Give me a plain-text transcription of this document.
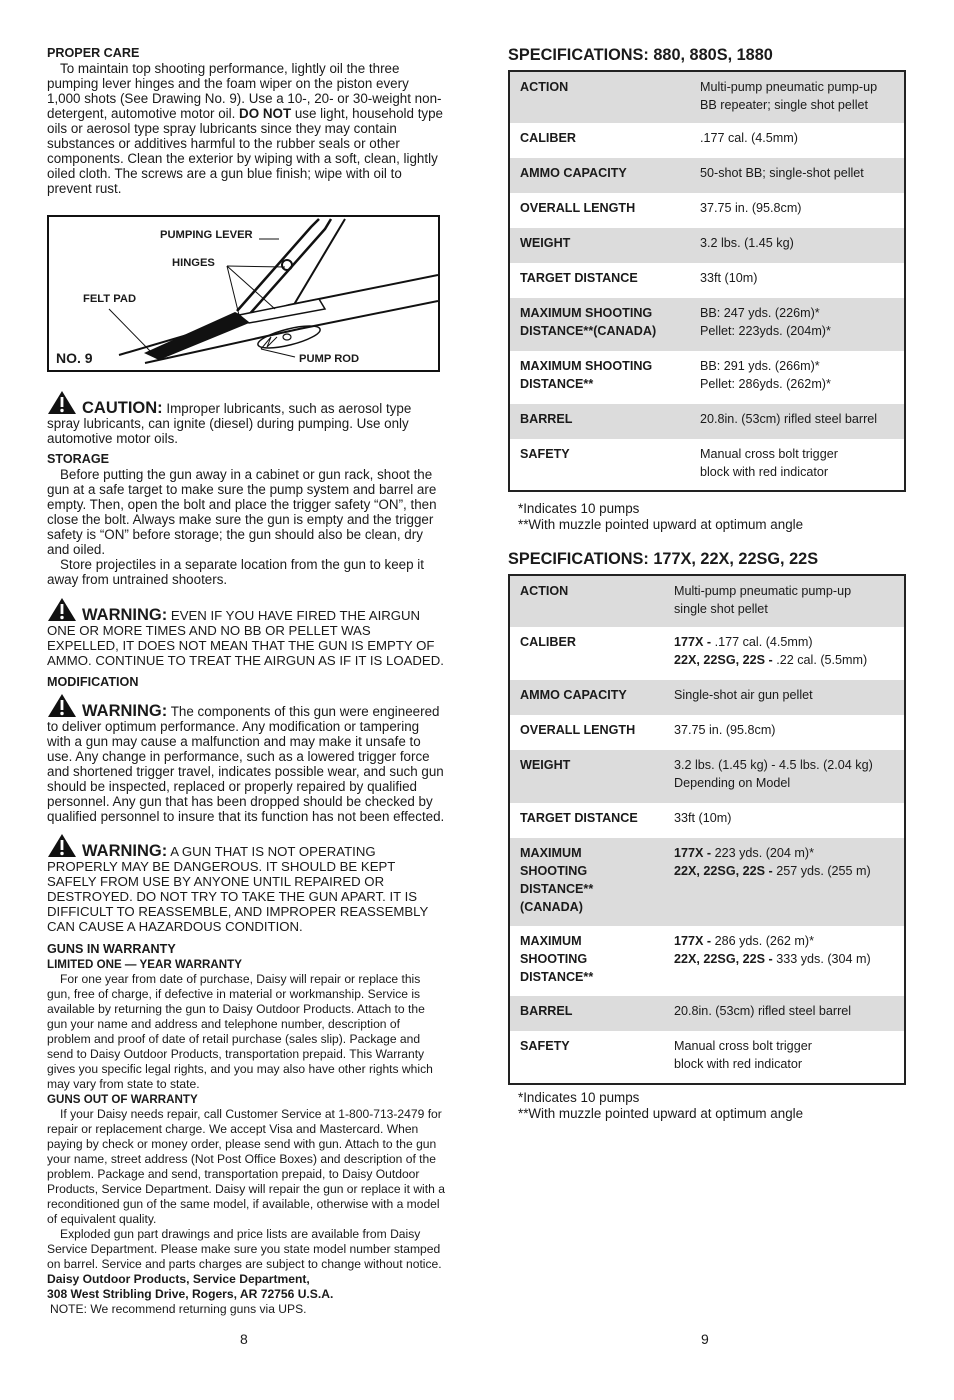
PROPER CARE

To maintain top shooting performance, lightly oil the three pumping lever hinges and the foam wiper on the piston every 1,000 shots (See Drawing No. 9). Use a 10-, 20- or 30-weight non-detergent, automotive motor oil. DO NOT use light, household type oils or aerosol type spray lubricants since they may contain substances or additives harmful to the rubber seals or other components. Clean the exterior by wiping with a soft, clean, lightly oiled cloth. The screws are a gun blue finish; wipe with oil to prevent rust.

PUMPING LEVER
HINGES
FELT PAD
NO. 9	PUMP ROD

CAUTION: Improper lubricants, such as aerosol type spray lubricants, can ignite (diesel) during pumping. Use only automotive motor oils.

STORAGE

Before putting the gun away in a cabinet or gun rack, shoot the gun at a safe target to make sure the pump system and barrel are empty. Then, open the bolt and place the trigger safety “ON”, then close the bolt. Always make sure the gun is empty and the trigger safety is “ON” before storage; the gun should also be clean, dry and oiled.

Store projectiles in a separate location from the gun to keep it away from untrained shooters.

WARNING: EVEN IF YOU HAVE FIRED THE AIRGUN ONE OR MORE TIMES AND NO BB OR PELLET WAS EXPELLED, IT DOES NOT MEAN THAT THE GUN IS EMPTY OF AMMO. CONTINUE TO TREAT THE AIRGUN AS IF IT IS LOADED.

MODIFICATION

WARNING: The components of this gun were engineered to deliver optimum performance. Any modification or tampering with a gun may cause a malfunction and may make it unsafe to use. Any change in performance, such as a lowered trigger force and shortened trigger travel, indicates possible wear, and such gun should be inspected, replaced or properly repaired by qualified personnel. Any gun that has been dropped should be checked by qualified personnel to insure that its function has not been effected.

WARNING: A GUN THAT IS NOT OPERATING PROPERLY MAY BE DANGEROUS. IT SHOULD BE KEPT SAFELY FROM USE BY ANYONE UNTIL REPAIRED OR DESTROYED. DO NOT TRY TO TAKE THE GUN APART. IT IS DIFFICULT TO REASSEMBLE, AND IMPROPER REASSEMBLY CAN CAUSE A HAZARDOUS CONDITION.

GUNS IN WARRANTY

LIMITED ONE — YEAR WARRANTY

For one year from date of purchase, Daisy will repair or replace this gun, free of charge, if defective in material or workmanship. Service is available by returning the gun to Daisy Outdoor Products. Attach to the gun your name and address and telephone number, description of problem and proof of date of retail purchase (sales slip). Package and send to Daisy Outdoor Products, transportation prepaid. This Warranty gives you specific legal rights, and you may also have other rights which may vary from state to state.

GUNS OUT OF WARRANTY

If your Daisy needs repair, call Customer Service at 1-800-713-2479 for repair or replacement charge. We accept Visa and Mastercard. When paying by check or money order, please send with gun. Attach to the gun your name, street address (Not Post Office Boxes) and description of the problem. Package and send, transportation prepaid, to Daisy Outdoor Products, Service Department. Daisy will repair the gun or replace it with a reconditioned gun of the same model, if available, otherwise with a model of equivalent quality.

Exploded gun part drawings and price lists are available from Daisy Service Department. Please make sure you state model number stamped on barrel. Service and parts charges are subject to change without notice. Daisy Outdoor Products, Service Department,
308 West Stribling Drive, Rogers, AR 72756 U.S.A.

NOTE: We recommend returning guns via UPS.

8

SPECIFICATIONS: 880, 880S, 1880

ACTION	Multi-pump pneumatic pump-up
BB repeater; single shot pellet
CALIBER	.177 cal. (4.5mm)
AMMO CAPACITY	50-shot BB; single-shot pellet
OVERALL LENGTH	37.75 in. (95.8cm)
WEIGHT	3.2 lbs. (1.45 kg)
TARGET DISTANCE	33ft (10m)
MAXIMUM SHOOTING
DISTANCE**(CANADA)	BB: 247 yds. (226m)*
Pellet: 223yds. (204m)*
MAXIMUM SHOOTING
DISTANCE**	BB: 291 yds. (266m)*
Pellet: 286yds. (262m)*
BARREL	20.8in. (53cm) rifled steel barrel
SAFETY	Manual cross bolt trigger
block with red indicator
*Indicates 10 pumps
**With muzzle pointed upward at optimum angle

SPECIFICATIONS: 177X, 22X, 22SG, 22S

ACTION	Multi-pump pneumatic pump-up
single shot pellet
CALIBER	177X - .177 cal. (4.5mm)
22X, 22SG, 22S - .22 cal. (5.5mm)
AMMO CAPACITY	Single-shot air gun pellet
OVERALL LENGTH	37.75 in. (95.8cm)
WEIGHT	3.2 lbs. (1.45 kg) - 4.5 lbs. (2.04 kg)
Depending on Model
TARGET DISTANCE	33ft (10m)
MAXIMUM
SHOOTING
DISTANCE**
(CANADA)	177X - 223 yds. (204 m)*
22X, 22SG, 22S - 257 yds. (255 m)
MAXIMUM
SHOOTING
DISTANCE**	177X - 286 yds. (262 m)*
22X, 22SG, 22S - 333 yds. (304 m)
BARREL	20.8in. (53cm) rifled steel barrel
SAFETY	Manual cross bolt trigger
block with red indicator
*Indicates 10 pumps
**With muzzle pointed upward at optimum angle
9
